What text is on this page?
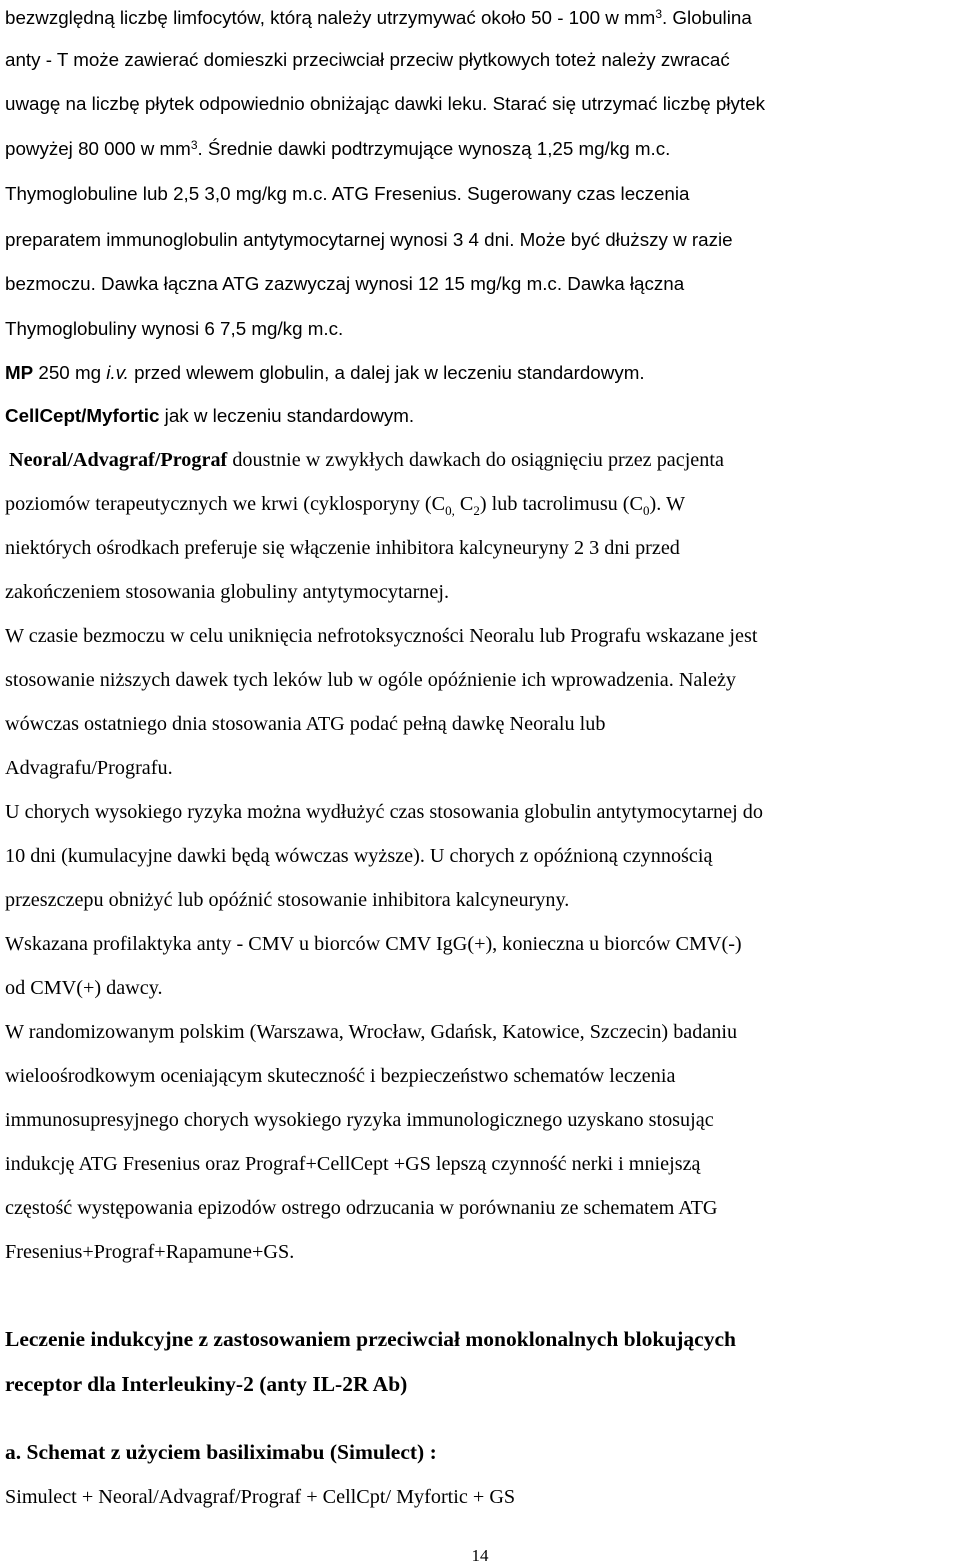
bezwzględną liczbę limfocytów, którą należy utrzymywać około 50 - 100 w $mm^3$. Globulina
anty - T może zawierać domieszki przeciwciał przeciw płytkowych toteż należy zwracać
uwagę na liczbę płytek odpowiednio obniżając dawki leku. Starać się utrzymać liczbę płytek
powyżej 80 000 w $mm^3$. Średnie dawki podtrzymujące wynoszą 1,25 mg/kg m.c.
Thymoglobuline lub 2,5 3,0 mg/kg m.c. ATG Fresenius. Sugerowany czas leczenia
preparatem immunoglobulin antytymocytarnej wynosi 3 4 dni. Może być dłuższy w razie
bezmoczu. Dawka łączna ATG zazwyczaj wynosi 12 15 mg/kg m.c. Dawka łączna
Thymoglobuliny wynosi 6 7,5 mg/kg m.c.
MP 250 mg i.v. przed wlewem globulin, a dalej jak w leczeniu standardowym.
CellCept/Myfortic jak w leczeniu standardowym.
Neoral/Advagraf/Prograf doustnie w zwykłych dawkach do osiągnięciu przez pacjenta
poziomów terapeutycznych we krwi (cyklosporyny ($C_{0,}$ $C_2$) lub tacrolimusu $(C_0)$. W
niektórych ośrodkach preferuje się włączenie inhibitora kalcyneuryny 2 3 dni przed
zakończeniem stosowania globuliny antytymocytarnej.
W czasie bezmoczu w celu uniknięcia nefrotoksyczności Neoralu lub Prografu wskazane jest
stosowanie niższych dawek tych leków lub w ogóle opóźnienie ich wprowadzenia. Należy
wówczas ostatniego dnia stosowania ATG podać pełną dawkę Neoralu lub
Advagrafu/Prografu.
U chorych wysokiego ryzyka można wydłużyć czas stosowania globulin antytymocytarnej do
10 dni (kumulacyjne dawki będą wówczas wyższe). U chorych z opóźnioną czynnością
przeszczepu obniżyć lub opóźnić stosowanie inhibitora kalcyneuryny.
Wskazana profilaktyka anty - CMV u biorców CMV IgG(+), konieczna u biorców CMV(-)
od CMV(+) dawcy.
W randomizowanym polskim (Warszawa, Wrocław, Gdańsk, Katowice, Szczecin) badaniu
wieloośrodkowym oceniającym skuteczność i bezpieczeństwo schematów leczenia
immunosupresyjnego chorych wysokiego ryzyka immunologicznego uzyskano stosując
indukcję ATG Fresenius oraz Prograf+CellCept +GS lepszą czynność nerki i mniejszą
częstość występowania epizodów ostrego odrzucania w porównaniu ze schematem ATG
Fresenius+Prograf+Rapamune+GS.
Leczenie indukcyjne z zastosowaniem przeciwciał monoklonalnych blokujących
receptor dla Interleukiny-2 (anty IL-2R Ab)
a. Schemat z użyciem basiliximabu (Simulect) :
Simulect + Neoral/Advagraf/Prograf + CellCpt/ Myfortic + GS
14
